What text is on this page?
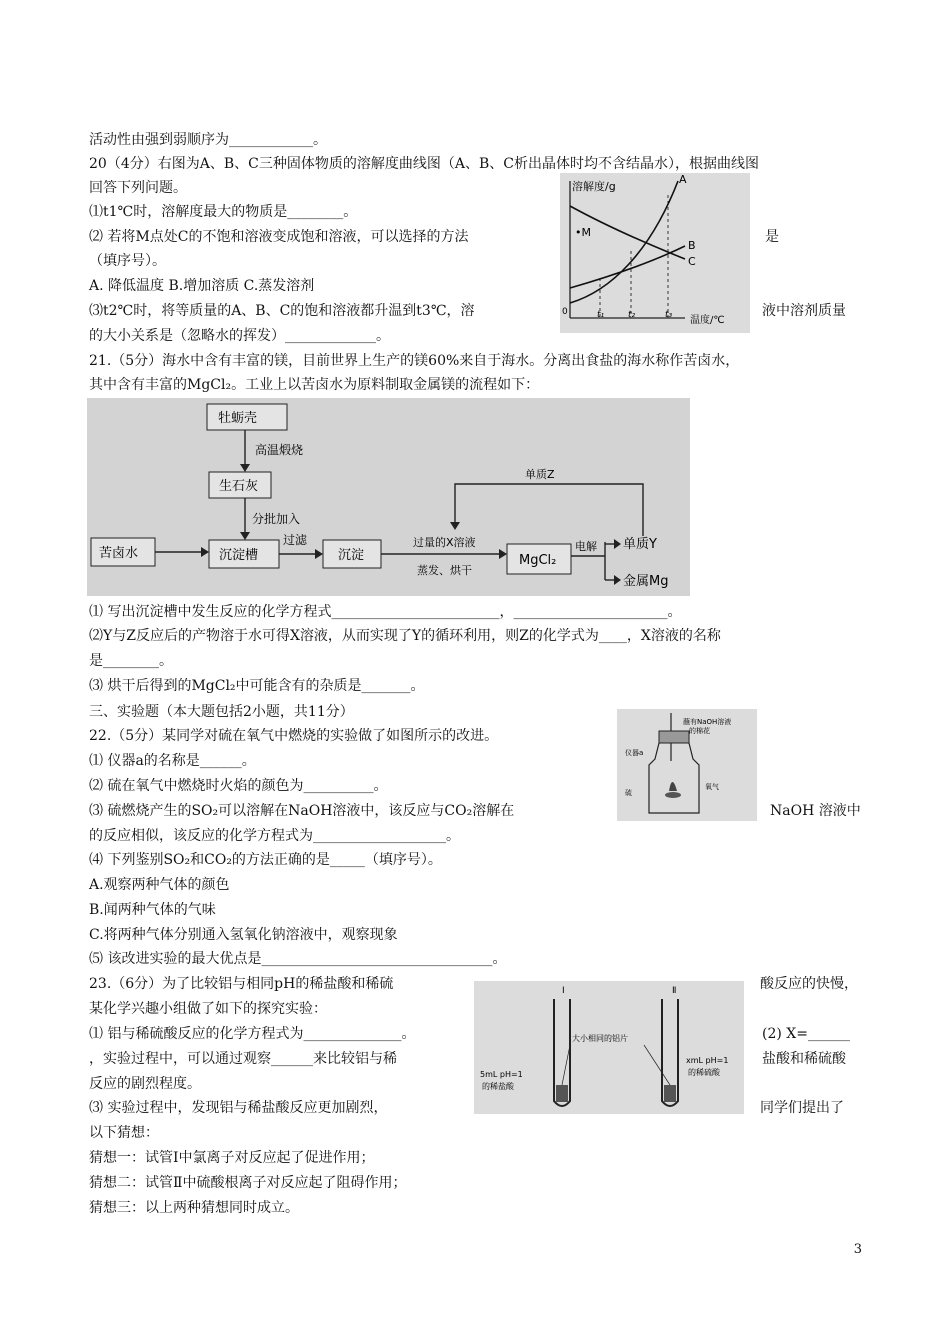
活动性由强到弱顺序为____________。
20（4分）右图为A、B、C三种固体物质的溶解度曲线图（A、B、C析出晶体时均不含结晶水），根据曲线图
回答下列问题。
⑴t1℃时，溶解度最大的物质是________。
⑵ 若将M点处C的不饱和溶液变成饱和溶液，可以选择的方法	是
（填序号）。
A. 降低温度 B.增加溶质 C.蒸发溶剂
⑶t2℃时，将等质量的A、B、C的饱和溶液都升温到t3℃，溶	液中溶剂质量
的大小关系是（忽略水的挥发）_____________。
21.（5分）海水中含有丰富的镁，目前世界上生产的镁60%来自于海水。分离出食盐的海水称作苦卤水，
其中含有丰富的MgCl₂。工业上以苦卤水为原料制取金属镁的流程如下：
⑴ 写出沉淀槽中发生反应的化学方程式________________________，______________________。
⑵Y与Z反应后的产物溶于水可得X溶液，从而实现了Y的循环利用，则Z的化学式为____，X溶液的名称
是________。
⑶ 烘干后得到的MgCl₂中可能含有的杂质是_______。
三、实验题（本大题包括2小题，共11分）
22.（5分）某同学对硫在氧气中燃烧的实验做了如图所示的改进。
⑴ 仪器a的名称是______。
⑵ 硫在氧气中燃烧时火焰的颜色为__________。
⑶ 硫燃烧产生的SO₂可以溶解在NaOH溶液中，该反应与CO₂溶解在	NaOH 溶液中
的反应相似，该反应的化学方程式为___________________。
⑷ 下列鉴别SO₂和CO₂的方法正确的是_____（填序号）。
A.观察两种气体的颜色
B.闻两种气体的气味
C.将两种气体分别通入氢氧化钠溶液中，观察现象
⑸ 该改进实验的最大优点是_________________________________。
23.（6分）为了比较铝与相同pH的稀盐酸和稀硫	酸反应的快慢，
某化学兴趣小组做了如下的探究实验：
⑴ 铝与稀硫酸反应的化学方程式为______________。	(2) X=______
，实验过程中，可以通过观察______来比较铝与稀	盐酸和稀硫酸
反应的剧烈程度。
⑶ 实验过程中，发现铝与稀盐酸反应更加剧烈，	同学们提出了
以下猜想：
猜想一：试管Ⅰ中氯离子对反应起了促进作用；
猜想二：试管Ⅱ中硫酸根离子对反应起了阻碍作用；
猜想三：以上两种猜想同时成立。
溶解度/g
温度/℃
0	t₁	t₂	t₃
A
B
C
•M
牡蛎壳
高温煅烧
生石灰
分批加入
苦卤水	沉淀槽
过滤
沉淀
过量的X溶液
蒸发、烘干
MgCl₂
电解 单质Y
金属Mg
单质Z
蘸有NaOH溶液
的棉花
仪器a
硫
氧气
Ⅰ	Ⅱ
大小相同的铝片
5mL pH=1
的稀盐酸
xmL pH=1
的稀硫酸
3
